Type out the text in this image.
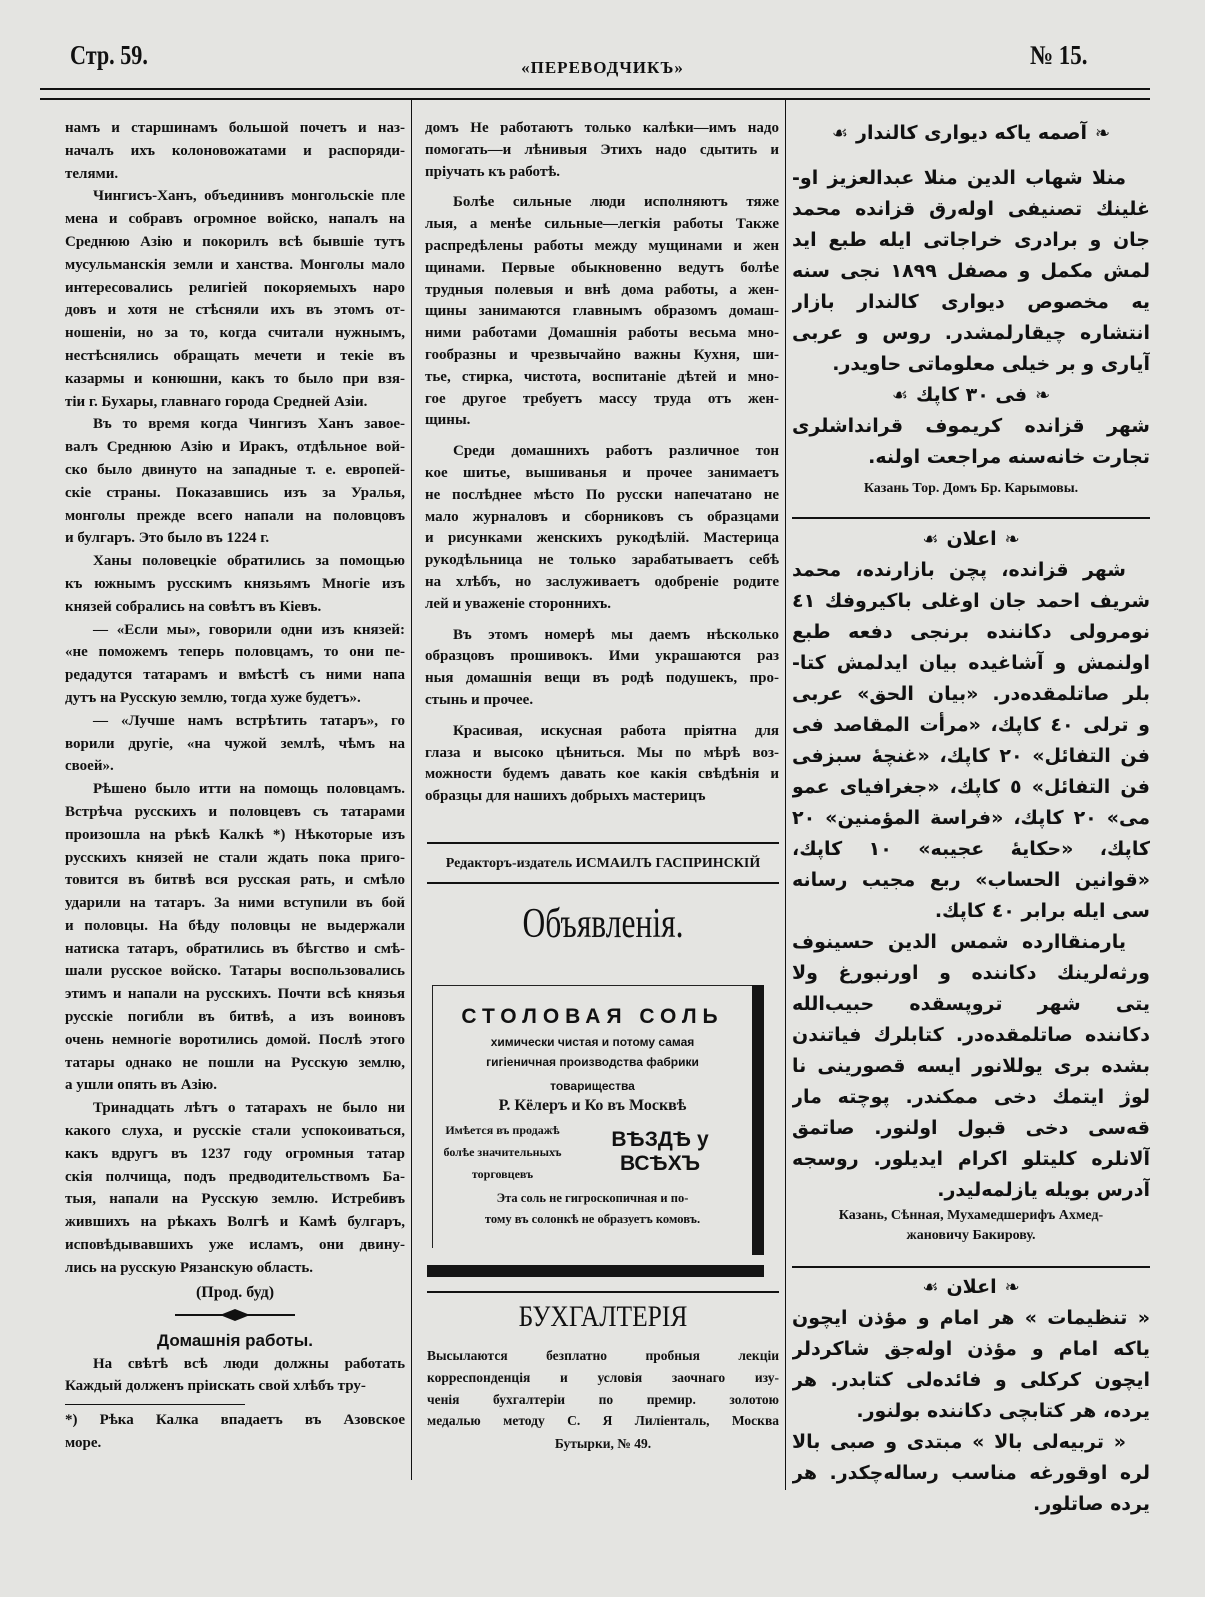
Стр. 59.	«ПЕРЕВОДЧИКЪ»	№ 15.
намъ и старшинамъ большой почетъ и наз-
началъ ихъ колоновожатами и распоряди-
телями.
Чингисъ-Ханъ, объединивъ монгольскіе пле
мена и собравъ огромное войско, напалъ на
Среднюю Азію и покорилъ всѣ бывшіе тутъ
мусульманскія земли и ханства. Монголы мало
интересовались религіей покоряемыхъ наро
довъ и хотя не стѣсняли ихъ въ этомъ от-
ношеніи, но за то, когда считали нужнымъ,
нестѣснялись обращать мечети и текіе въ
казармы и конюшни, какъ то было при взя-
тіи г. Бухары, главнаго города Средней Азіи.
Въ то время когда Чингизъ Ханъ завое-
валъ Среднюю Азію и Иракъ, отдѣльное вой-
ско было двинуто на западные т. е. европей-
скіе страны. Показавшись изъ за Уралья,
монголы прежде всего напали на половцовъ
и булгаръ. Это было въ 1224 г.
Ханы половецкіе обратились за помощью
къ южнымъ русскимъ князьямъ Многіе изъ
князей собрались на совѣтъ въ Кіевъ.
— «Если мы», говорили одни изъ князей:
«не поможемъ теперь половцамъ, то они пе-
редадутся татарамъ и вмѣстѣ съ ними напа
дутъ на Русскую землю, тогда хуже будетъ».
— «Лучше намъ встрѣтить татаръ», го
ворили другіе, «на чужой землѣ, чѣмъ на
своей».
Рѣшено было итти на помощь половцамъ.
Встрѣча русскихъ и половцевъ съ татарами
произошла на рѣкѣ Калкѣ *) Нѣкоторые изъ
русскихъ князей не стали ждать пока приго-
товится въ битвѣ вся русская рать, и смѣло
ударили на татаръ. За ними вступили въ бой
и половцы. На бѣду половцы не выдержали
натиска татаръ, обратились въ бѣгство и смѣ-
шали русское войско. Татары воспользовались
этимъ и напали на русскихъ. Почти всѣ князья
русскіе погибли въ битвѣ, а изъ воиновъ
очень немногіе воротились домой. Послѣ этого
татары однако не пошли на Русскую землю,
а ушли опять въ Азію.
Тринадцать лѣтъ о татарахъ не было ни
какого слуха, и русскіе стали успокоиваться,
какъ вдругъ въ 1237 году огромныя татар
скія полчища, подъ предводительствомъ Ба-
тыя, напали на Русскую землю. Истребивъ
жившихъ на рѣкахъ Волгѣ и Камѣ булгаръ,
исповѣдывавшихъ уже исламъ, они двину-
лись на русскую Рязанскую область.
(Прод. буд)
Домашнія работы.
На свѣтѣ всѣ люди должны работать
Каждый долженъ пріискать свой хлѣбъ тру-
*) Рѣка Калка впадаетъ въ Азовское
море.
домъ Не работаютъ только калѣки—имъ надо
помогать—и лѣнивыя Этихъ надо сдытить и
пріучать къ работѣ.
Болѣе сильные люди исполняютъ тяже
лыя, а менѣе сильные—легкія работы Также
распредѣлены работы между мущинами и жен
щинами. Первые обыкновенно ведутъ болѣе
трудныя полевыя и внѣ дома работы, а жен-
щины занимаются главнымъ образомъ домаш-
ними работами Домашнія работы весьма мно-
гообразны и чрезвычайно важны Кухня, ши-
тье, стирка, чистота, воспитаніе дѣтей и мно-
гое другое требуетъ массу труда отъ жен-
щины.
Среди домашнихъ работъ различное тон
кое шитье, вышиванья и прочее занимаетъ
не послѣднее мѣсто По русски напечатано не
мало журналовъ и сборниковъ съ образцами
и рисунками женскихъ рукодѣлій. Мастерица
рукодѣльница не только зарабатываетъ себѣ
на хлѣбъ, но заслуживаетъ одобреніе родите
лей и уваженіе стороннихъ.
Въ этомъ номерѣ мы даемъ нѣсколько
образцовъ прошивокъ. Ими украшаются раз
ныя домашнія вещи въ родѣ подушекъ, про-
стынь и прочее.
Красивая, искусная работа пріятна для
глаза и высоко цѣниться. Мы по мѣрѣ воз-
можности будемъ давать кое какія свѣдѣнія и
образцы для нашихъ добрыхъ мастерицъ
Редакторъ-издатель ИСМАИЛЪ ГАСПРИНСКІЙ
Объявленія.
СТОЛОВАЯ СОЛЬ
химически чистая и потому самая
гигіеничная производства фабрики
товарищества
Р. Кёлеръ и Ко въ Москвѣ
Имѣется въ продажѣ
болѣе значительныхъ
торговцевъ
ВѢЗДѢ у ВСѢХЪ
Эта соль не гигроскопичная и по-
тому въ солонкѣ не образуетъ комовъ.
БУХГАЛТЕРІЯ
Высылаются безплатно пробныя лекціи
корреспонденція и условія заочнаго изу-
ченія бухгалтеріи по премир. золотою
медалью методу С. Я Лиліенталь, Москва
Бутырки, № 49.
❧آصمه یاکه دیواری کالندار☙
منلا شهاب الدین منلا عبدالعزیز او-
غلینك تصنیفی اولەرق قزانده محمد
جان و برادری خراجاتی ایله طبع اید
لمش مکمل و مصفل ۱۸۹۹ نجی سنه
یه مخصوص دیواری کالندار بازار
انتشاره چیقارلمشدر. روس و عربی
آیاری و بر خیلی معلوماتی حاویدر.
❧فی ۳۰ کاپك☙
شهر قزانده کریموف قرانداشلری
تجارت خانەسنه مراجعت اولنه.
Казань Тор. Домъ Бр. Карымовы.
❧اعلان☙
شهر قزانده، پچن بازارنده، محمد
شریف احمد جان اوغلی باکیروفك ٤١
نومرولی دکاننده برنجی دفعه طبع
اولنمش و آشاغیده بیان ایدلمش کتا-
بلر صاتلمقده‌در. «بیان الحق» عربی
و ترلی ٤٠ کاپك، «مرأت المقاصد فی
فن التفائل» ۲۰ کاپك، «غنچهٔ سبزفی
فن التفائل» ٥ کاپك، «جغرافیای عمو
می» ۲۰ کاپك، «فراسة المؤمنین» ۲۰
کاپك، «حکایهٔ عجیبه» ۱۰ کاپك،
«قوانین الحساب» ربع مجیب رسانه
سی ایله برابر ٤٠ کاپك.
یارمنقاارده شمس الدین حسینوف
ورثه‌لرینك دکاننده و اورنبورغ ولا
یتی شهر تروپسقده حبیب‌الله
دکاننده صاتلمقده‌در. کتابلرك فیاتندن
بشده بری یوللانور ایسه قصورینی نا
لوژ ایتمك دخی ممکندر. پوچته مار
قەسی دخی قبول اولنور. صاتمق
آلانلره کلیتلو اکرام ایدیلور. روسجه
آدرس بویله یازلمه‌لیدر.
Казань, Сѣнная, Мухамедшерифъ Ахмед-
жановичу Бакирову.
❧اعلان☙
« تنظیمات » هر امام و مؤذن ایچون
یاکه امام و مؤذن اولەجق شاکردلر
ایچون کرکلی و فائده‌لی کتابدر. هر
یرده، هر کتابچی دکاننده بولنور.
« تربیه‌لی بالا » مبتدی و صبی بالا
لره اوقورغه مناسب رساله‌چکدر. هر
یرده صاتلور.
